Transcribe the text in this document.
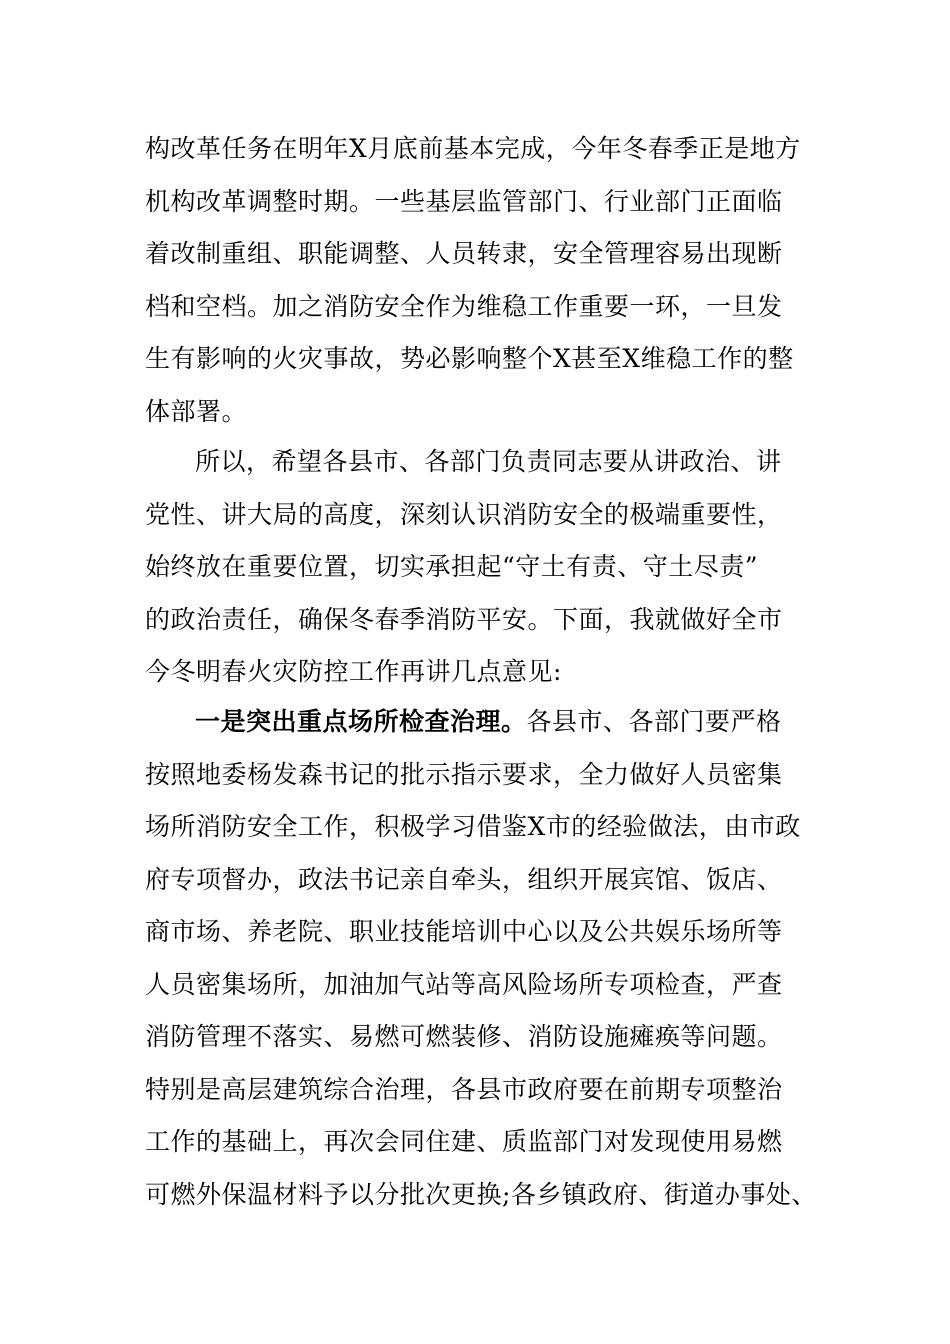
构改革任务在明年X月底前基本完成，今年冬春季正是地方
机构改革调整时期。一些基层监管部门、行业部门正面临
着改制重组、职能调整、人员转隶，安全管理容易出现断
档和空档。加之消防安全作为维稳工作重要一环，一旦发
生有影响的火灾事故，势必影响整个X甚至X维稳工作的整
体部署。
所以，希望各县市、各部门负责同志要从讲政治、讲
党性、讲大局的高度，深刻认识消防安全的极端重要性，
始终放在重要位置，切实承担起“守土有责、守土尽责”
的政治责任，确保冬春季消防平安。下面，我就做好全市
今冬明春火灾防控工作再讲几点意见:
一是突出重点场所检查治理。各县市、各部门要严格
按照地委杨发森书记的批示指示要求，全力做好人员密集
场所消防安全工作，积极学习借鉴X市的经验做法，由市政
府专项督办，政法书记亲自牵头，组织开展宾馆、饭店、
商市场、养老院、职业技能培训中心以及公共娱乐场所等
人员密集场所，加油加气站等高风险场所专项检查，严查
消防管理不落实、易燃可燃装修、消防设施瘫痪等问题。
特别是高层建筑综合治理，各县市政府要在前期专项整治
工作的基础上，再次会同住建、质监部门对发现使用易燃
可燃外保温材料予以分批次更换;各乡镇政府、街道办事处、
